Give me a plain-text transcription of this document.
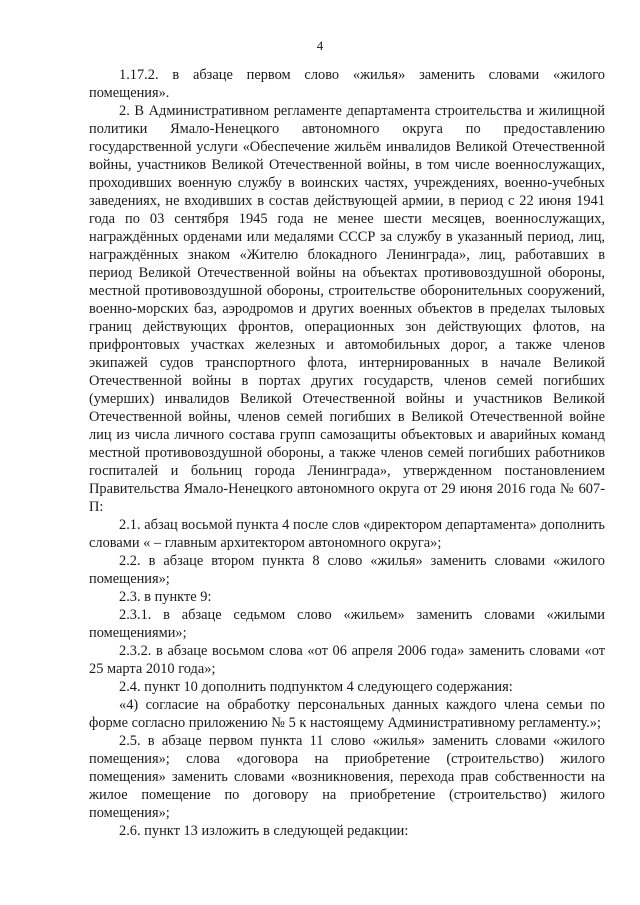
4

1.17.2. в абзаце первом слово «жилья» заменить словами «жилого помещения».

2. В Административном регламенте департамента строительства и жилищной политики Ямало-Ненецкого автономного округа по предоставлению государственной услуги «Обеспечение жильём инвалидов Великой Отечественной войны, участников Великой Отечественной войны, в том числе военнослужащих, проходивших военную службу в воинских частях, учреждениях, военно-учебных заведениях, не входивших в состав действующей армии, в период с 22 июня 1941 года по 03 сентября 1945 года не менее шести месяцев, военнослужащих, награждённых орденами или медалями СССР за службу в указанный период, лиц, награждённых знаком «Жителю блокадного Ленинграда», лиц, работавших в период Великой Отечественной войны на объектах противовоздушной обороны, местной противовоздушной обороны, строительстве оборонительных сооружений, военно-морских баз, аэродромов и других военных объектов в пределах тыловых границ действующих фронтов, операционных зон действующих флотов, на прифронтовых участках железных и автомобильных дорог, а также членов экипажей судов транспортного флота, интернированных в начале Великой Отечественной войны в портах других государств, членов семей погибших (умерших) инвалидов Великой Отечественной войны и участников Великой Отечественной войны, членов семей погибших в Великой Отечественной войне лиц из числа личного состава групп самозащиты объектовых и аварийных команд местной противовоздушной обороны, а также членов семей погибших работников госпиталей и больниц города Ленинграда», утвержденном постановлением Правительства Ямало-Ненецкого автономного округа от 29 июня 2016 года № 607-П:

2.1. абзац восьмой пункта 4 после слов «директором департамента» дополнить словами « – главным архитектором автономного округа»;

2.2. в абзаце втором пункта 8 слово «жилья» заменить словами «жилого помещения»;

2.3. в пункте 9:

2.3.1. в абзаце седьмом слово «жильем» заменить словами «жилыми помещениями»;

2.3.2. в абзаце восьмом слова «от 06 апреля 2006 года» заменить словами «от 25 марта 2010 года»;

2.4. пункт 10 дополнить подпунктом 4 следующего содержания:

«4) согласие на обработку персональных данных каждого члена семьи по форме согласно приложению № 5 к настоящему Административному регламенту.»;

2.5. в абзаце первом пункта 11 слово «жилья» заменить словами «жилого помещения»; слова «договора на приобретение (строительство) жилого помещения» заменить словами «возникновения, перехода прав собственности на жилое помещение по договору на приобретение (строительство) жилого помещения»;

2.6. пункт 13 изложить в следующей редакции:
